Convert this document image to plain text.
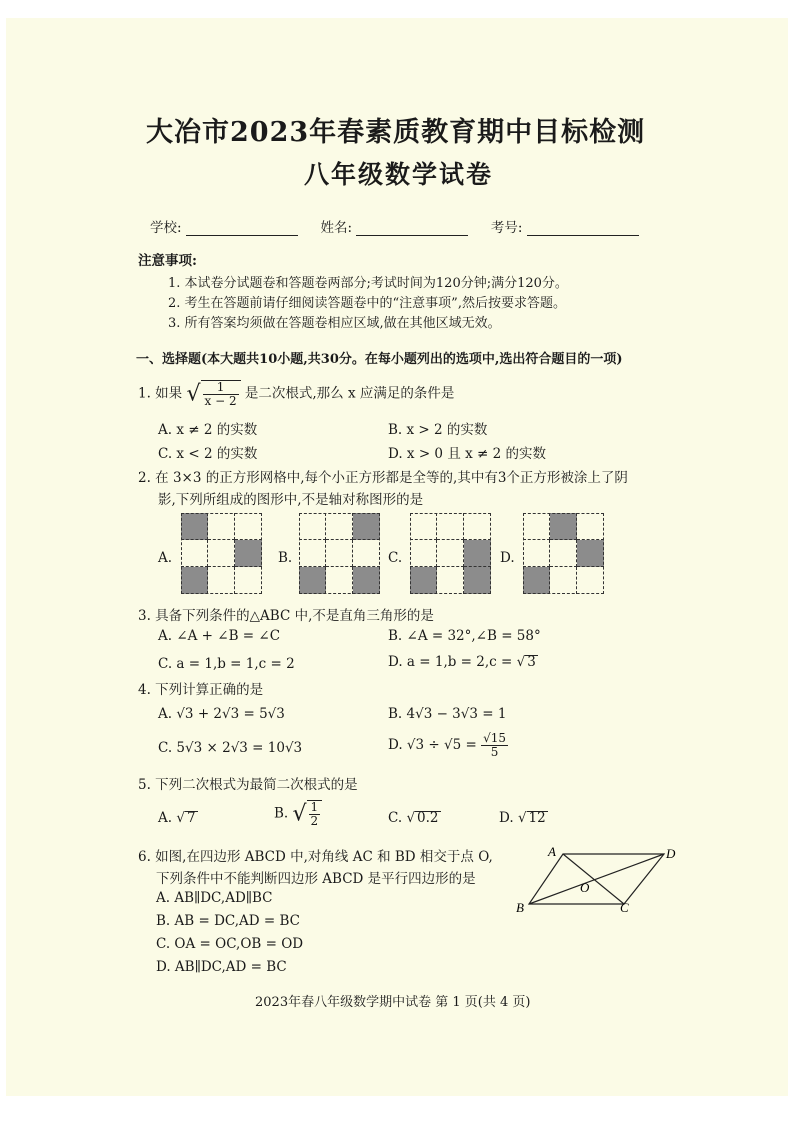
大冶市2023年春素质教育期中目标检测
八年级数学试卷
学校:	姓名:	考号:
注意事项:
1. 本试卷分试题卷和答题卷两部分;考试时间为120分钟;满分120分。
2. 考生在答题前请仔细阅读答题卷中的“注意事项”,然后按要求答题。
3. 所有答案均须做在答题卷相应区域,做在其他区域无效。
一、选择题(本大题共10小题,共30分。在每小题列出的选项中,选出符合题目的一项)
1. 如果 √ $\frac{1}{x - 2}$ 是二次根式,那么 x 应满足的条件是
A. x ≠ 2 的实数	B. x > 2 的实数
C. x < 2 的实数	D. x > 0 且 x ≠ 2 的实数
2. 在 3×3 的正方形网格中,每个小正方形都是全等的,其中有3个正方形被涂上了阴
影,下列所组成的图形中,不是轴对称图形的是
A.	B.	C.	D.
3. 具备下列条件的△ABC 中,不是直角三角形的是
A. ∠A + ∠B = ∠C	B. ∠A = 32°,∠B = 58°
C. a = 1,b = 1,c = 2	D. a = 1,b = 2,c = √ 3
4. 下列计算正确的是
A. √3 + 2√3 = 5√3	B. 4√3 − 3√3 = 1
C. 5√3 × 2√3 = 10√3	D. $√3 \div √5 = \frac{√15}{5}$
5. 下列二次根式为最简二次根式的是
A. √ 7	B. √ $\frac{1}{2}$	C. √ 0.2	D. √ 12
6. 如图,在四边形 ABCD 中,对角线 AC 和 BD 相交于点 O,
下列条件中不能判断四边形 ABCD 是平行四边形的是
A. AB∥DC,AD∥BC
B. AB = DC,AD = BC
C. OA = OC,OB = OD
D. AB∥DC,AD = BC
A	D
B	C
O
2023年春八年级数学期中试卷 第 1 页(共 4 页)
